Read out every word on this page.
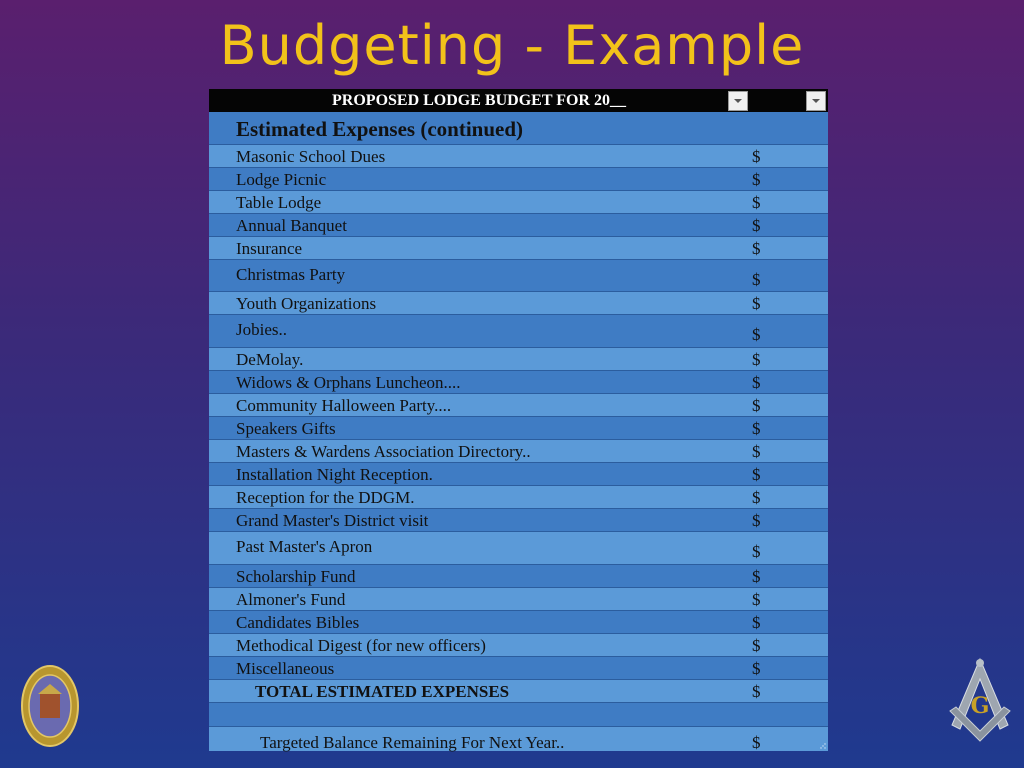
Budgeting - Example
PROPOSED LODGE BUDGET FOR 20__
Estimated Expenses (continued)
Masonic School Dues	$
Lodge Picnic	$
Table Lodge	$
Annual Banquet	$
Insurance	$
Christmas Party	$
Youth Organizations	$
Jobies..	$
DeMolay.	$
Widows & Orphans Luncheon....	$
Community Halloween Party....	$
Speakers Gifts	$
Masters & Wardens Association Directory..	$
Installation Night Reception.	$
Reception for the DDGM.	$
Grand Master's District visit	$
Past Master's Apron	$
Scholarship Fund	$
Almoner's Fund	$
Candidates Bibles	$
Methodical Digest (for new officers)	$
Miscellaneous	$
TOTAL ESTIMATED EXPENSES	$
Targeted Balance Remaining For Next Year..	$
G
